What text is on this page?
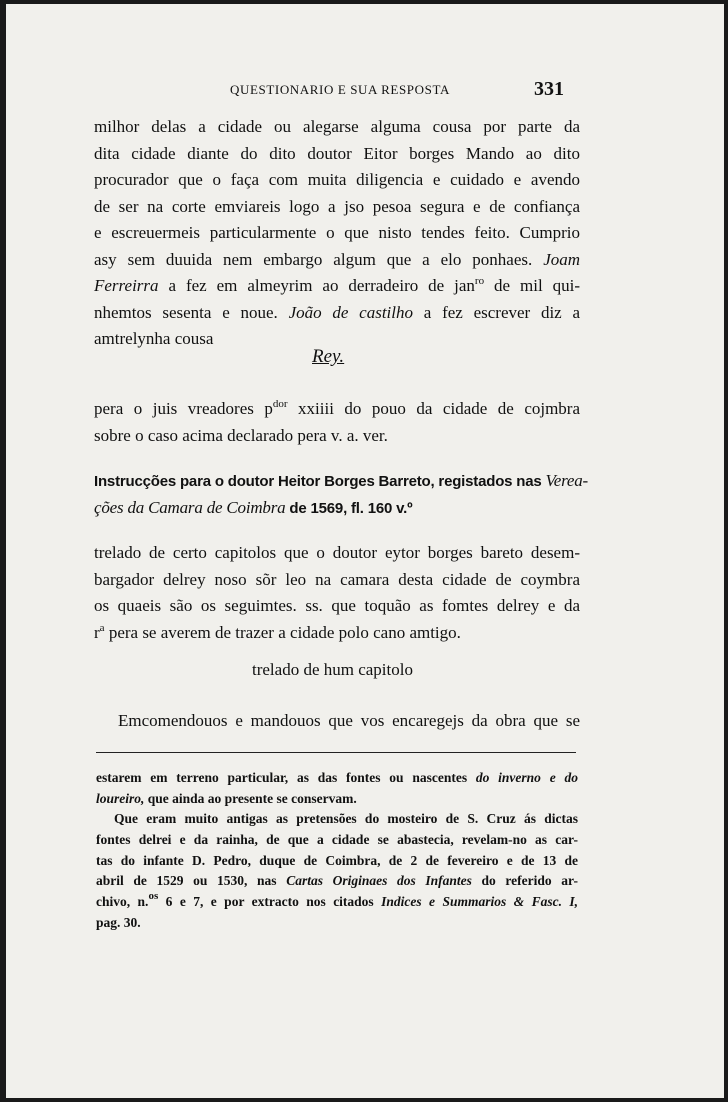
QUESTIONARIO E SUA RESPOSTA	331
milhor delas a cidade ou alegarse alguma cousa por parte da
dita cidade diante do dito doutor Eitor borges Mando ao dito
procurador que o faça com muita diligencia e cuidado e avendo
de ser na corte emviareis logo a jso pesoa segura e de confiança
e escreuermeis particularmente o que nisto tendes feito. Cumprio
asy sem duuida nem embargo algum que a elo ponhaes. Joam
Ferreirra a fez em almeyrim ao derradeiro de jan$^{ro}$ de mil qui-
nhemtos sesenta e noue. João de castilho a fez escrever diz a
amtrelynha cousa
Rey.
pera o juis vreadores $p^{dor}$ xxiiii do pouo da cidade de cojmbra
sobre o caso acima declarado pera v. a. ver.
Instrucções para o doutor Heitor Borges Barreto, registados nas Verea-
ções da Camara de Coimbra de 1569, fl. 160 v.º
trelado de certo capitolos que o doutor eytor borges bareto desem-
bargador delrey noso sõr leo na camara desta cidade de coymbra
os quaeis são os seguimtes. ss. que toquão as fomtes delrey e da
$r^a$ pera se averem de trazer a cidade polo cano amtigo.
trelado de hum capitolo
Emcomendouos e mandouos que vos encaregejs da obra que se
estarem em terreno particular, as das fontes ou nascentes do inverno e do
loureiro, que ainda ao presente se conservam.
Que eram muito antigas as pretensões do mosteiro de S. Cruz ás dictas
fontes delrei e da rainha, de que a cidade se abastecia, revelam-no as car-
tas do infante D. Pedro, duque de Coimbra, de 2 de fevereiro e de 13 de
abril de 1529 ou 1530, nas Cartas Originaes dos Infantes do referido ar-
chivo, n.$^{os}$ 6 e 7, e por extracto nos citados Indices e Summarios & Fasc. I,
pag. 30.
